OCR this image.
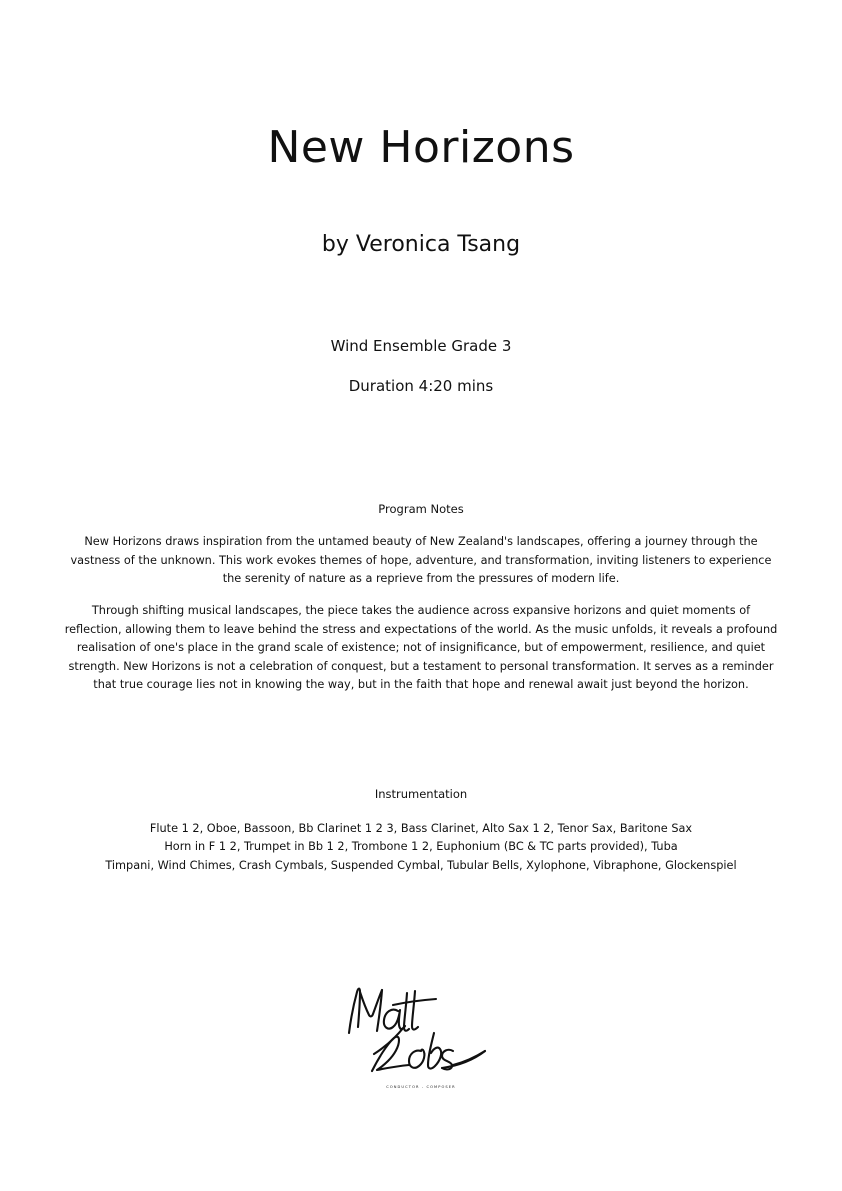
New Horizons
by Veronica Tsang
Wind Ensemble Grade 3
Duration 4:20 mins
Program Notes

New Horizons draws inspiration from the untamed beauty of New Zealand's landscapes, offering a journey through the vastness of the unknown. This work evokes themes of hope, adventure, and transformation, inviting listeners to experience the serenity of nature as a reprieve from the pressures of modern life.

Through shifting musical landscapes, the piece takes the audience across expansive horizons and quiet moments of reflection, allowing them to leave behind the stress and expectations of the world. As the music unfolds, it reveals a profound realisation of one's place in the grand scale of existence; not of insignificance, but of empowerment, resilience, and quiet strength. New Horizons is not a celebration of conquest, but a testament to personal transformation. It serves as a reminder that true courage lies not in knowing the way, but in the faith that hope and renewal await just beyond the horizon.

Instrumentation
Flute 1 2, Oboe, Bassoon, Bb Clarinet 1 2 3, Bass Clarinet, Alto Sax 1 2, Tenor Sax, Baritone Sax
Horn in F 1 2, Trumpet in Bb 1 2, Trombone 1 2, Euphonium (BC & TC parts provided), Tuba
Timpani, Wind Chimes, Crash Cymbals, Suspended Cymbal, Tubular Bells, Xylophone, Vibraphone, Glockenspiel
CONDUCTOR - COMPOSER
